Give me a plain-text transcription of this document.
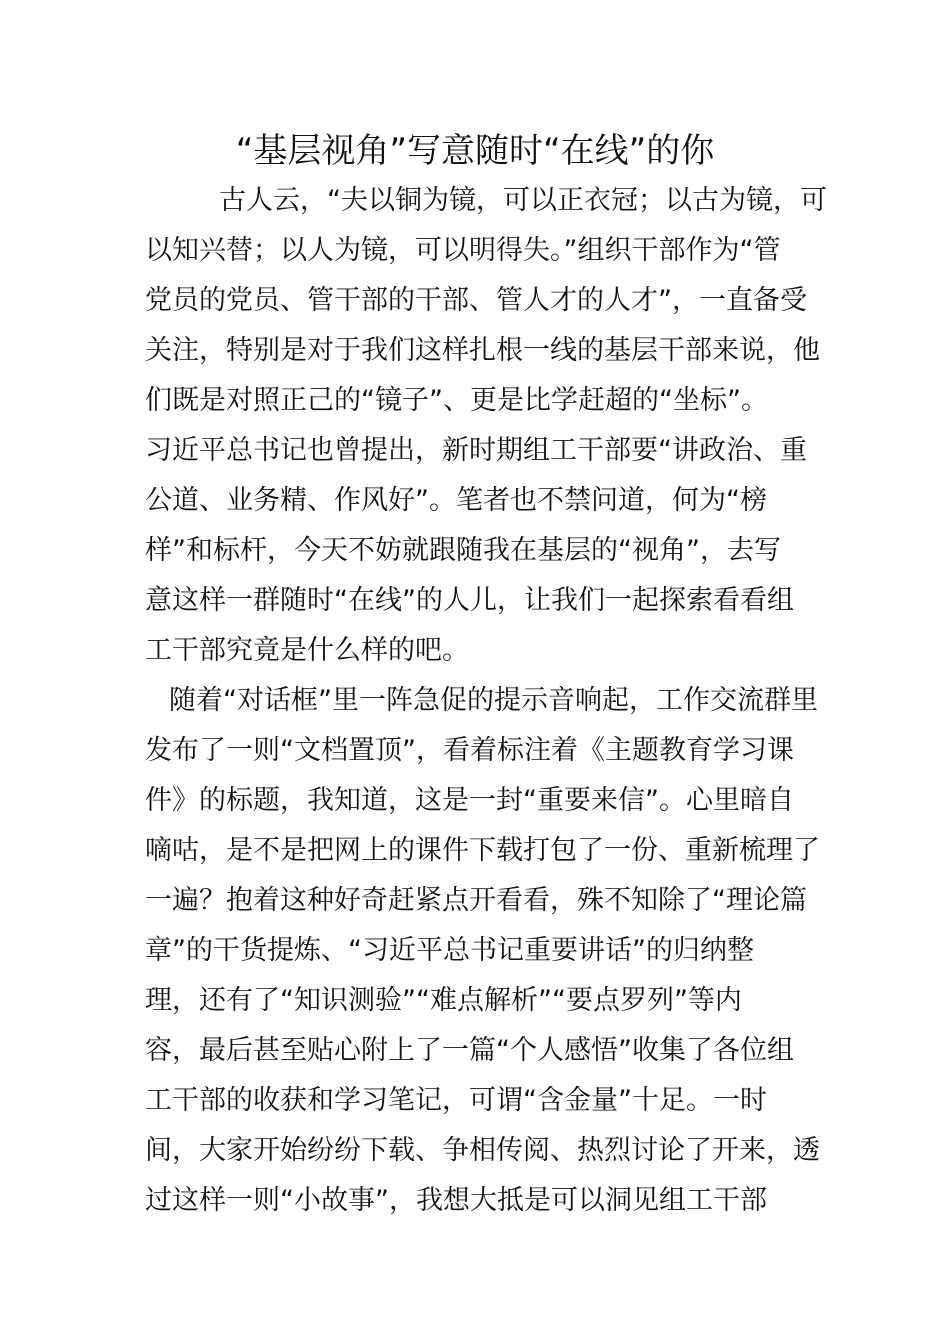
“基层视角”写意随时“在线”的你
古人云，“夫以铜为镜，可以正衣冠；以古为镜，可
以知兴替；以人为镜，可以明得失。”组织干部作为“管
党员的党员、管干部的干部、管人才的人才”，一直备受
关注，特别是对于我们这样扎根一线的基层干部来说，他
们既是对照正己的“镜子”、更是比学赶超的“坐标”。
习近平总书记也曾提出，新时期组工干部要“讲政治、重
公道、业务精、作风好”。笔者也不禁问道，何为“榜
样”和标杆，今天不妨就跟随我在基层的“视角”，去写
意这样一群随时“在线”的人儿，让我们一起探索看看组
工干部究竟是什么样的吧。
随着“对话框”里一阵急促的提示音响起，工作交流群里
发布了一则“文档置顶”，看着标注着《主题教育学习课
件》的标题，我知道，这是一封“重要来信”。心里暗自
嘀咕，是不是把网上的课件下载打包了一份、重新梳理了
一遍？抱着这种好奇赶紧点开看看，殊不知除了“理论篇
章”的干货提炼、“习近平总书记重要讲话”的归纳整
理，还有了“知识测验”“难点解析”“要点罗列”等内
容，最后甚至贴心附上了一篇“个人感悟”收集了各位组
工干部的收获和学习笔记，可谓“含金量”十足。一时
间，大家开始纷纷下载、争相传阅、热烈讨论了开来，透
过这样一则“小故事”，我想大抵是可以洞见组工干部
